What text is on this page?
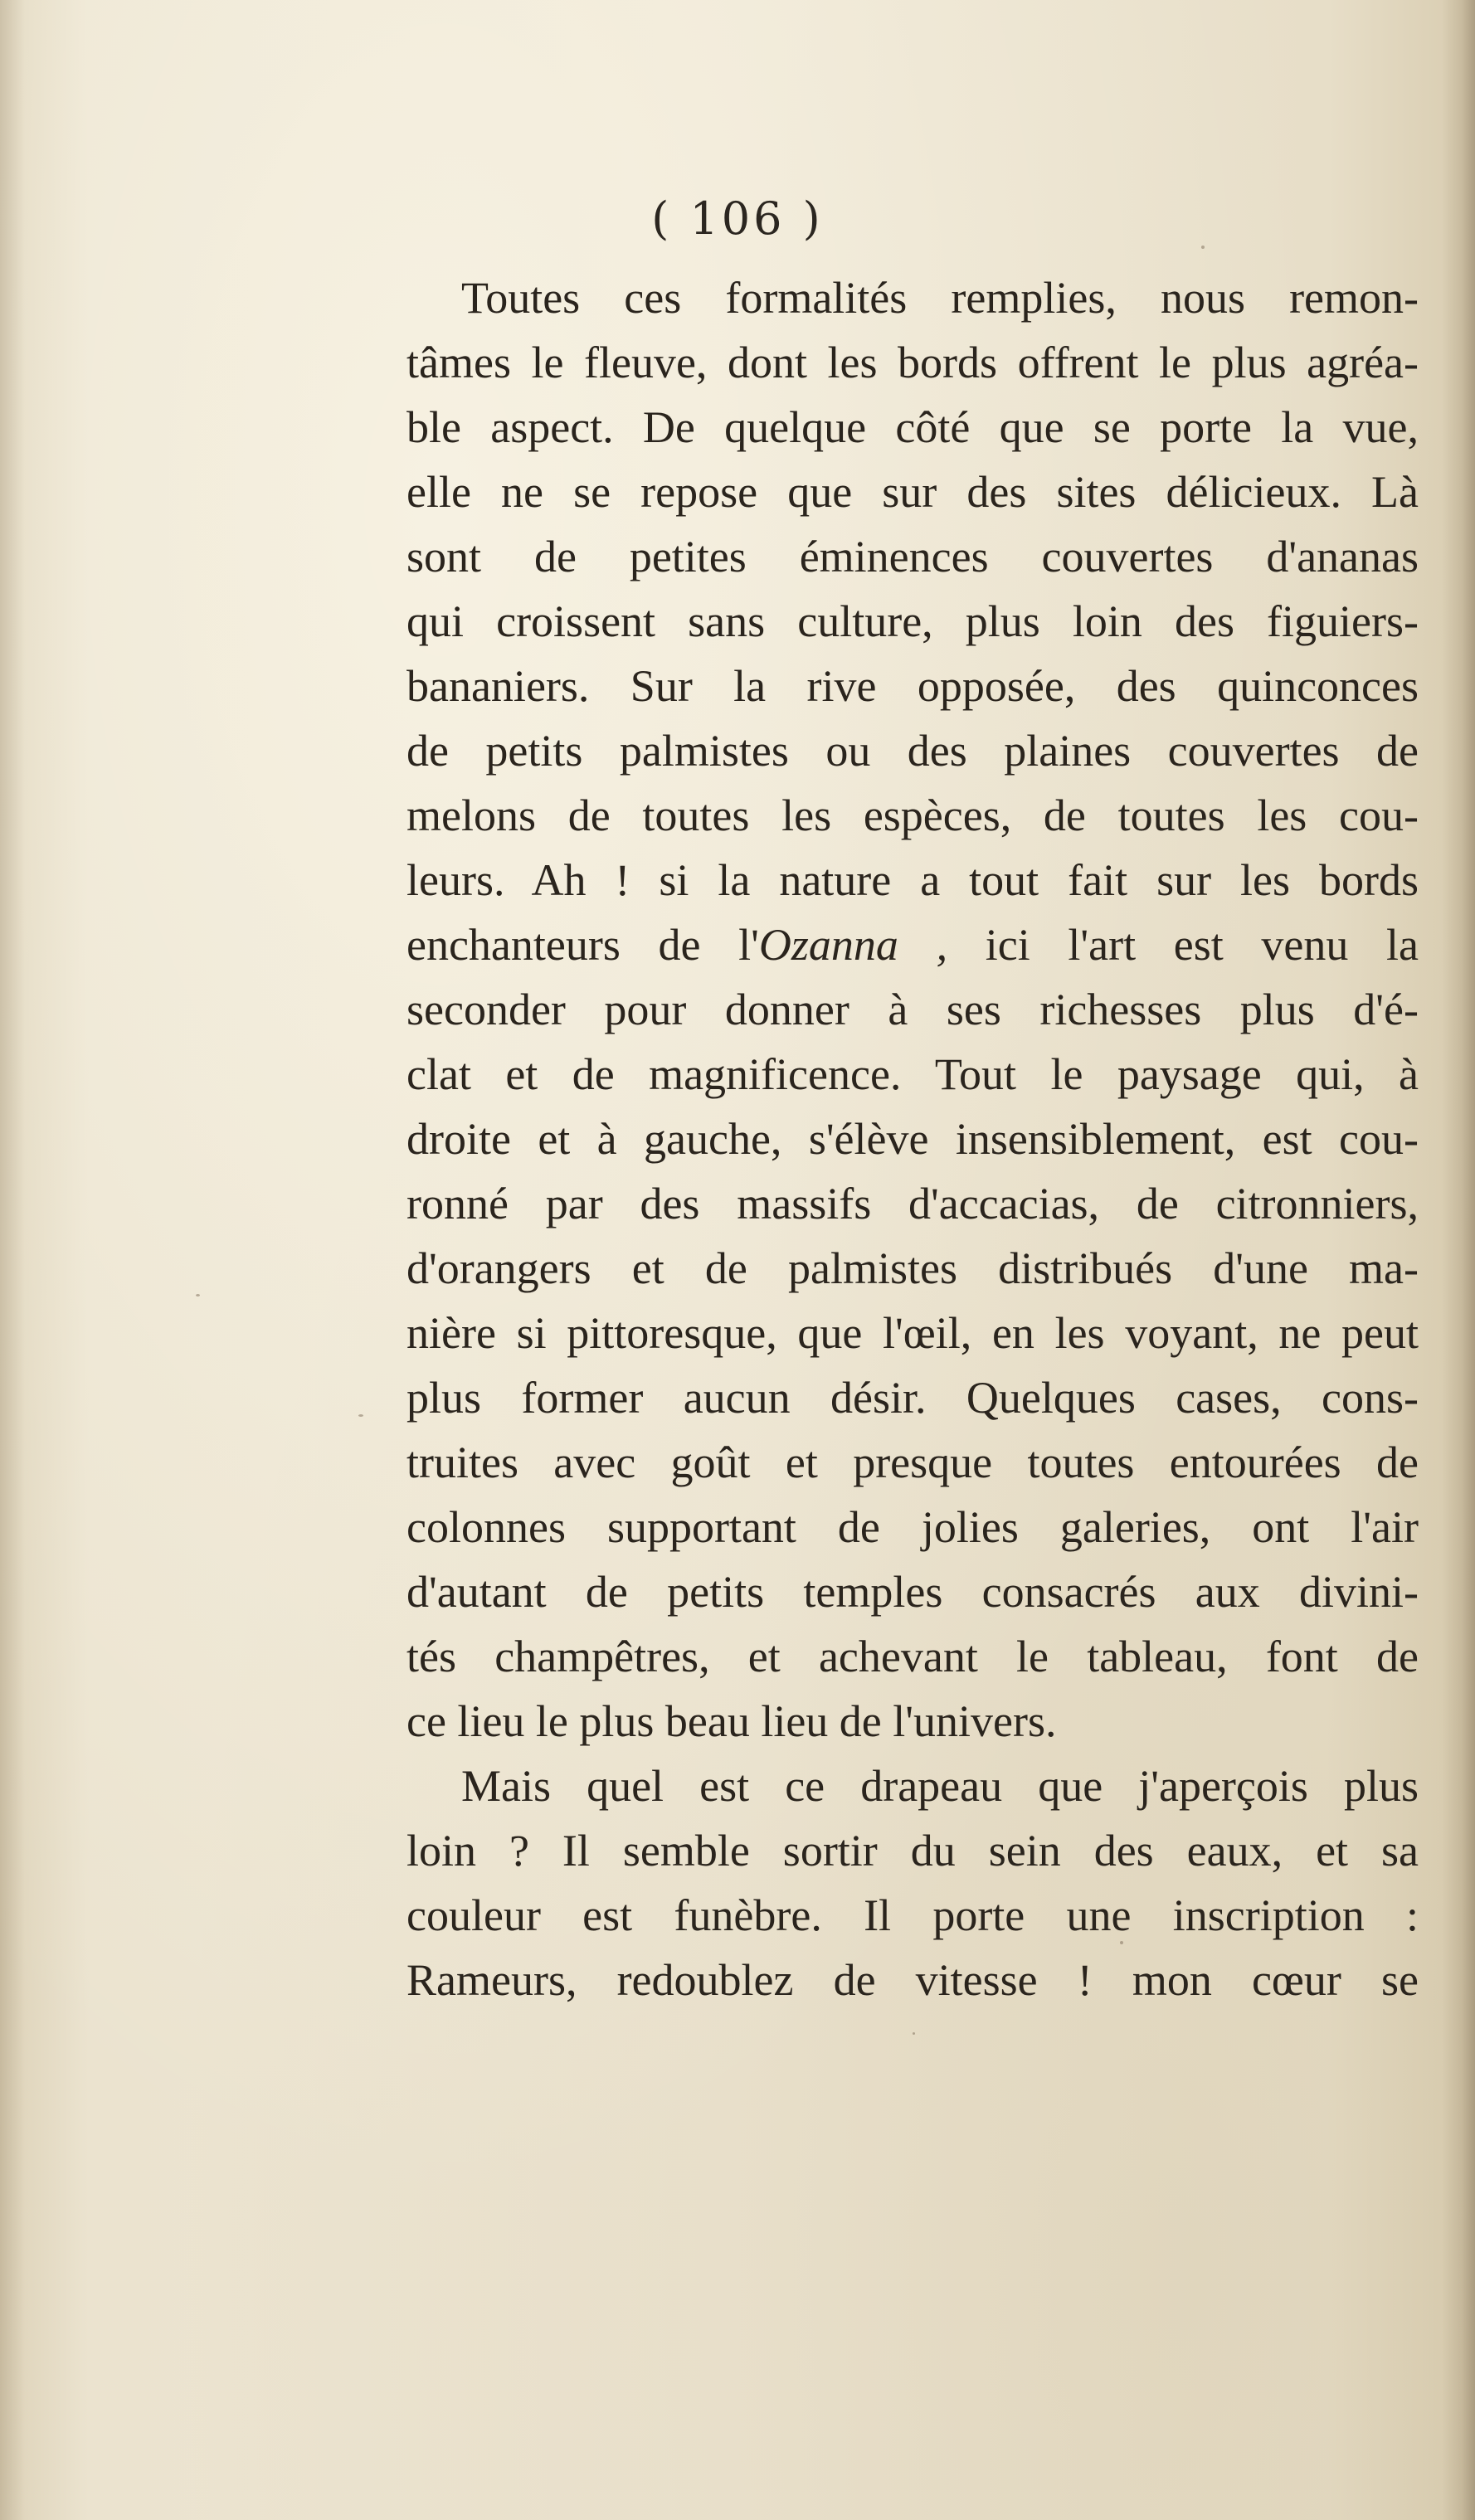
( 106 )
Toutes ces formalités remplies, nous remon-
tâmes le fleuve, dont les bords offrent le plus agréa-
ble aspect. De quelque côté que se porte la vue,
elle ne se repose que sur des sites délicieux. Là
sont de petites éminences couvertes d'ananas
qui croissent sans culture, plus loin des figuiers-
bananiers. Sur la rive opposée, des quinconces
de petits palmistes ou des plaines couvertes de
melons de toutes les espèces, de toutes les cou-
leurs. Ah ! si la nature a tout fait sur les bords
enchanteurs de l'Ozanna , ici l'art est venu la
seconder pour donner à ses richesses plus d'é-
clat et de magnificence. Tout le paysage qui, à
droite et à gauche, s'élève insensiblement, est cou-
ronné par des massifs d'accacias, de citronniers,
d'orangers et de palmistes distribués d'une ma-
nière si pittoresque, que l'œil, en les voyant, ne peut
plus former aucun désir. Quelques cases, cons-
truites avec goût et presque toutes entourées de
colonnes supportant de jolies galeries, ont l'air
d'autant de petits temples consacrés aux divini-
tés champêtres, et achevant le tableau, font de
ce lieu le plus beau lieu de l'univers.
Mais quel est ce drapeau que j'aperçois plus
loin ? Il semble sortir du sein des eaux, et sa
couleur est funèbre. Il porte une inscription :
Rameurs, redoublez de vitesse ! mon cœur se
